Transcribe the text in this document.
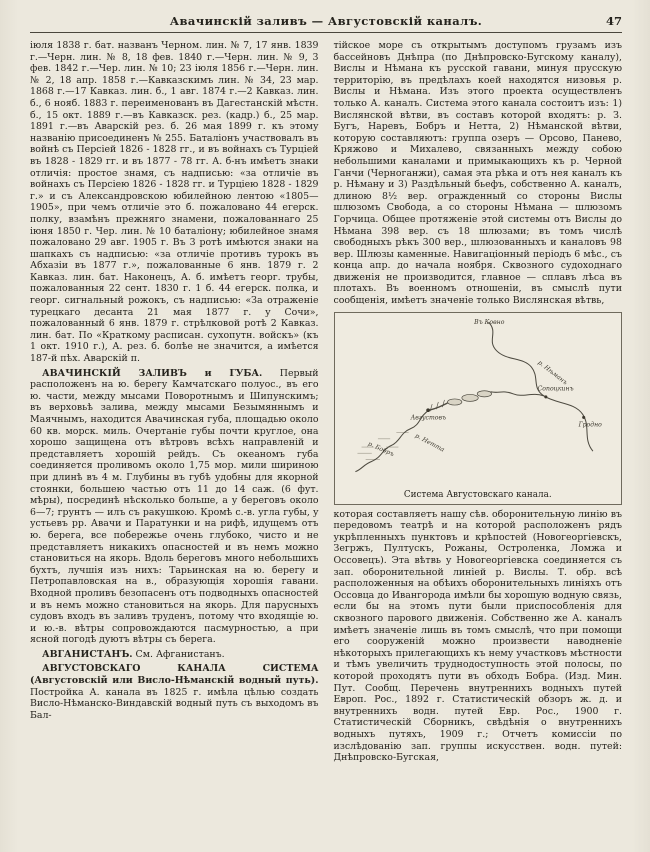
Авачинскій заливъ — Августовскій каналъ.	47

іюля 1838 г. бат. названъ Черном. лин. № 7, 17 янв. 1839 г.—Черн. лин. № 8, 18 фев. 1840 г.—Черн. лин. № 9, 3 фев. 1842 г.—Чер. лин. № 10; 23 іюля 1856 г.—Черн. лин. № 2, 18 апр. 1858 г.—Кавказскимъ лин. № 34, 23 мар. 1868 г.—17 Кавказ. лин. б., 1 авг. 1874 г.—2 Кавказ. лин. б., 6 нояб. 1883 г. переименованъ въ Дагестанскій мѣстн. б., 15 окт. 1889 г.—въ Кавказск. рез. (кадр.) б., 25 мар. 1891 г.—въ Аварскій рез. б. 26 мая 1899 г. къ этому названію присоединенъ № 255. Баталіонъ участвовалъ въ войнѣ съ Персіей 1826 - 1828 гг., и въ войнахъ съ Турціей въ 1828 - 1829 гг. и въ 1877 - 78 гг. А. б-нъ имѣетъ знаки отличія: простое знамя, съ надписью: «за отличіе въ войнахъ съ Персіею 1826 - 1828 гг. и Турціею 1828 - 1829 г.» и съ Александровскою юбилейною лентою «1805—1905», при чемъ отличіе это б. пожаловано 44 егерск. полку, взамѣнъ прежняго знамени, пожалованнаго 25 іюня 1850 г. Чер. лин. № 10 баталіону; юбилейное знамя пожаловано 29 авг. 1905 г. Въ 3 ротѣ имѣются знаки на шапкахъ съ надписью: «за отличіе противъ турокъ въ Абхазіи въ 1877 г.», пожалованные 6 янв. 1879 г. 2 Кавказ. лин. бат. Наконецъ, А. б. имѣетъ георг. трубы, пожалованныя 22 сент. 1830 г. 1 б. 44 егерск. полка, и георг. сигнальный рожокъ, съ надписью: «За отраженіе турецкаго десанта 21 мая 1877 г. у Сочи», пожалованный 6 янв. 1879 г. стрѣлковой ротѣ 2 Кавказ. лин. бат. По «Краткому расписан. сухопутн. войскъ» (къ 1 окт. 1910 г.), А. рез. б. болѣе не значится, а имѣется 187-й пѣх. Аварскій п.

АВАЧИНСКІЙ ЗАЛИВЪ и ГУБА. Первый расположенъ на ю. берегу Камчатскаго полуос., въ его ю. части, между мысами Поворотнымъ и Шипунскимъ; въ верховьѣ залива, между мысами Безымяннымъ и Маячнымъ, находится Авачинская губа, площадью около 60 кв. морск. миль. Очертаніе губы почти круглое, она хорошо защищена отъ вѣтровъ всѣхъ направленій и представляетъ хорошій рейдъ. Съ океаномъ губа соединяется проливомъ около 1,75 мор. мили шириною при длинѣ въ 4 м. Глубины въ губѣ удобны для якорной стоянки, большею частью отъ 11 до 14 саж. (6 фут. мѣры), посрединѣ нѣсколько больше, а у береговъ около 6—7; грунтъ — илъ съ ракушкою. Кромѣ с.-в. угла губы, у устьевъ рр. Авачи и Паратунки и на рифѣ, идущемъ отъ ю. берега, все побережье очень глубоко, чисто и не представляетъ никакихъ опасностей и въ немъ можно становиться на якорь. Вдоль береговъ много небольшихъ бухтъ, лучшія изъ нихъ: Тарьинская на ю. берегу и Петропавловская на в., образующія хорошія гавани. Входной проливъ безопасенъ отъ подводныхъ опасностей и въ немъ можно становиться на якорь. Для парусныхъ судовъ входъ въ заливъ труденъ, потому что входящіе ю. и ю.-в. вѣтры сопровождаются пасмурностью, а при ясной погодѣ дуютъ вѣтры съ берега.

АВГАНИСТАНЪ. См. Афганистанъ.

АВГУСТОВСКАГО КАНАЛА СИСТЕМА (Августовскій или Висло-Нѣманскій водный путь). Постройка А. канала въ 1825 г. имѣла цѣлью создать Висло-Нѣманско-Виндавскій водный путь съ выходомъ въ Бал-

тійское море съ открытымъ доступомъ грузамъ изъ бассейновъ Днѣпра (по Днѣпровско-Бугскому каналу), Вислы и Нѣмана къ русской гавани, минуя прусскую территорію, въ предѣлахъ коей находятся низовья р. Вислы и Нѣмана. Изъ этого проекта осуществленъ только А. каналъ. Система этого канала состоитъ изъ: 1) Вислянской вѣтви, въ составъ которой входятъ: р. З. Бугъ, Наревъ, Бобръ и Нетта, 2) Нѣманской вѣтви, которую составляютъ: группа озеръ — Орсово, Панево, Кряжово и Михалево, связанныхъ между собою небольшими каналами и примыкающихъ къ р. Черной Ганчи (Черноганжи), самая эта рѣка и отъ нея каналъ къ р. Нѣману и 3) Раздѣльный бьефъ, собственно А. каналъ, длиною 8½ вер. огражденный со стороны Вислы шлюзомъ Свобода, а со стороны Нѣмана — шлюзомъ Горчица. Общее протяженіе этой системы отъ Вислы до Нѣмана 398 вер. съ 18 шлюзами; въ томъ числѣ свободныхъ рѣкъ 300 вер., шлюзованныхъ и каналовъ 98 вер. Шлюзы каменные. Навигаціонный періодъ 6 мѣс., съ конца апр. до начала ноября. Сквозного судоходнаго движенія не производится, главное — сплавъ лѣса въ плотахъ. Въ военномъ отношеніи, въ смыслѣ пути сообщенія, имѣетъ значеніе только Вислянская вѣтвь,

Въ Ковно
р. Нѣманъ
Сопоцкинъ
Августовъ
р. Нетта
р. Бобръ
Гродно

Система Августовскаго канала.

которая составляетъ нашу сѣв. оборонительную линію въ передовомъ театрѣ и на которой расположенъ рядъ укрѣпленныхъ пунктовъ и крѣпостей (Новогеоргіевскъ, Зегржъ, Пултускъ, Рожаны, Остроленка, Ломжа и Оссовецъ). Эта вѣтвь у Новогеоргіевска соединяется съ зап. оборонительной линіей р. Вислы. Т. обр. всѣ расположенныя на обѣихъ оборонительныхъ линіяхъ отъ Оссовца до Ивангорода имѣли бы хорошую водную связь, если бы на этомъ пути были приспособленія для сквозного парового движенія. Собственно же А. каналъ имѣетъ значеніе лишь въ томъ смыслѣ, что при помощи его сооруженій можно произвести наводненіе нѣкоторыхъ прилегающихъ къ нему участковъ мѣстности и тѣмъ увеличить труднодоступность этой полосы, по которой проходятъ пути въ обходъ Бобра. (Изд. Мин. Пут. Сообщ. Перечень внутреннихъ водныхъ путей Европ. Рос., 1892 г. Статистическій обзоръ ж. д. и внутреннихъ водн. путей Евр. Рос., 1900 г. Статистическій Сборникъ, свѣдѣнія о внутреннихъ водныхъ путяхъ, 1909 г.; Отчетъ комиссіи по изслѣдованію зап. группы искусствен. водн. путей: Днѣпровско-Бугская,
